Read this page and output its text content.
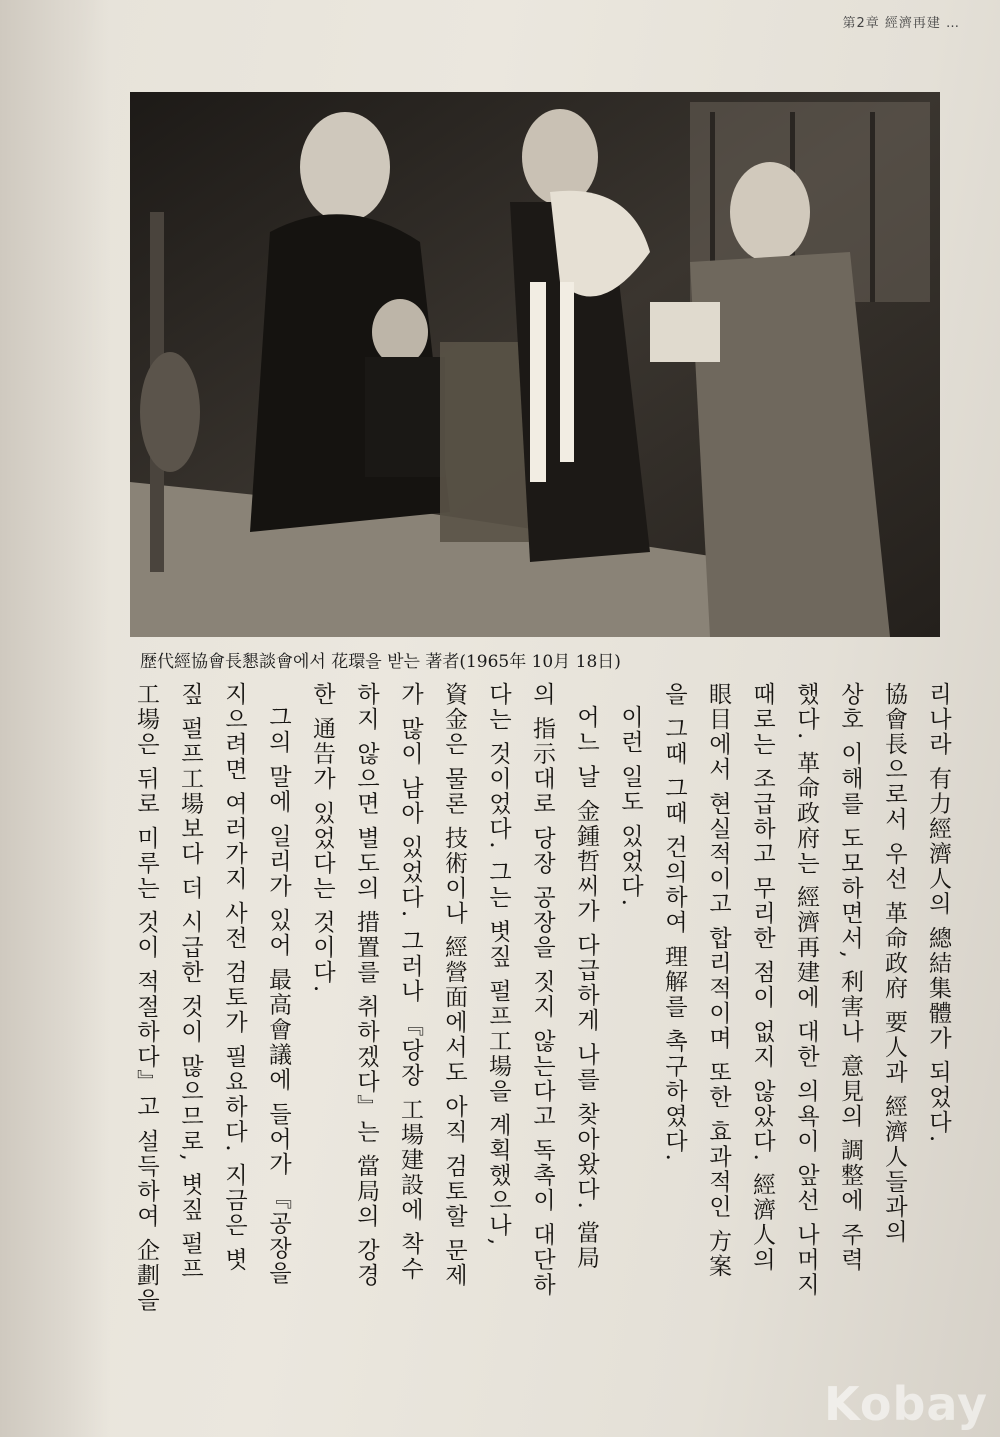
第2章 經濟再建 …
歷代經協會長懇談會에서 花環을 받는 著者(1965年 10月 18日)

리나라 有力經濟人의 總結集體가 되었다.

協會長으로서 우선 革命政府 要人과 經濟人들과의

상호 이해를 도모하면서, 利害나 意見의 調整에 주력

했다. 革命政府는 經濟再建에 대한 의욕이 앞선 나머지

때로는 조급하고 무리한 점이 없지 않았다. 經濟人의

眼目에서 현실적이고 합리적이며 또한 효과적인 方案

을 그때 그때 건의하여 理解를 촉구하였다.

이런 일도 있었다.

어느 날 金鍾哲씨가 다급하게 나를 찾아왔다. 當局

의 指示대로 당장 공장을 짓지 않는다고 독촉이 대단하

다는 것이었다. 그는 볏짚 펄프工場을 계획했으나,

資金은 물론 技術이나 經營面에서도 아직 검토할 문제

가 많이 남아 있었다. 그러나 『당장 工場建設에 착수

하지 않으면 별도의 措置를 취하겠다』는 當局의 강경

한 通告가 있었다는 것이다.

그의 말에 일리가 있어 最高會議에 들어가 『공장을

지으려면 여러가지 사전 검토가 필요하다. 지금은 볏

짚 펄프工場보다 더 시급한 것이 많으므로, 볏짚 펄프

工場은 뒤로 미루는 것이 적절하다』고 설득하여 企劃을

Kobay
